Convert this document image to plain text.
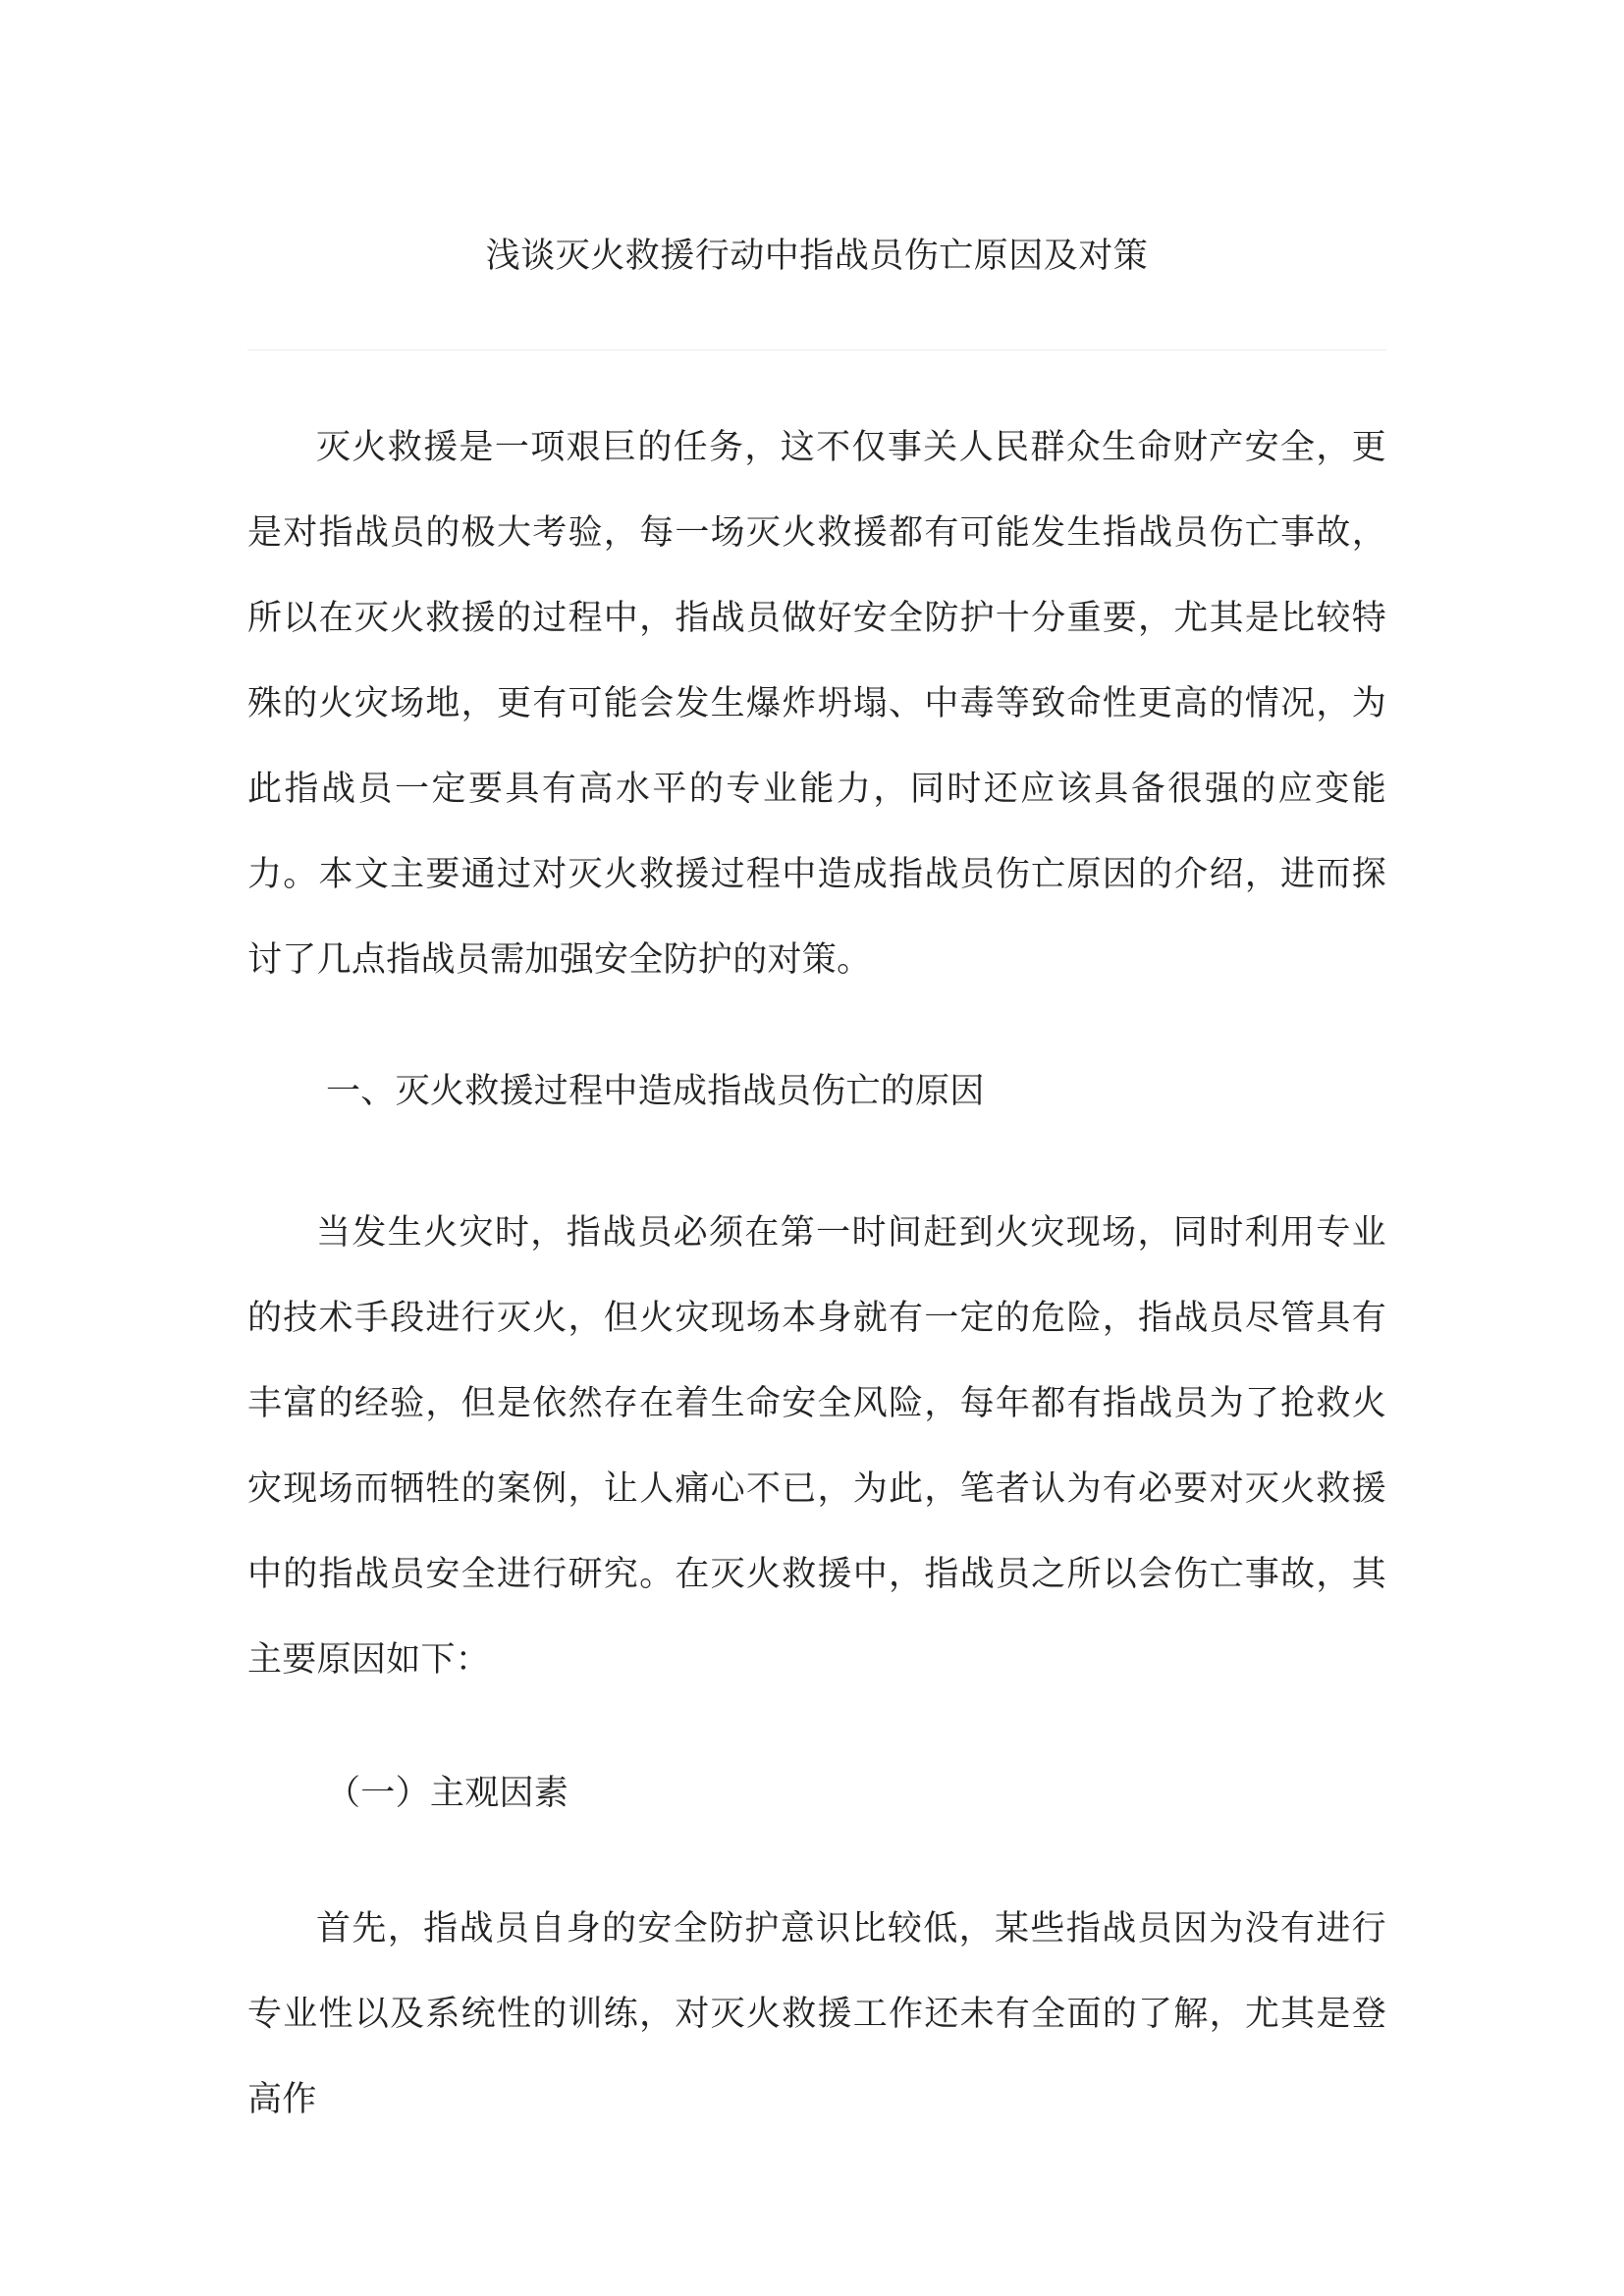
浅谈灭火救援行动中指战员伤亡原因及对策

灭火救援是一项艰巨的任务，这不仅事关人民群众生命财产安全，更是对指战员的极大考验，每一场灭火救援都有可能发生指战员伤亡事故，所以在灭火救援的过程中，指战员做好安全防护十分重要，尤其是比较特殊的火灾场地，更有可能会发生爆炸坍塌、中毒等致命性更高的情况，为此指战员一定要具有高水平的专业能力，同时还应该具备很强的应变能力。本文主要通过对灭火救援过程中造成指战员伤亡原因的介绍，进而探讨了几点指战员需加强安全防护的对策。

一、灭火救援过程中造成指战员伤亡的原因

当发生火灾时，指战员必须在第一时间赶到火灾现场，同时利用专业的技术手段进行灭火，但火灾现场本身就有一定的危险，指战员尽管具有丰富的经验，但是依然存在着生命安全风险，每年都有指战员为了抢救火灾现场而牺牲的案例，让人痛心不已，为此，笔者认为有必要对灭火救援中的指战员安全进行研究。在灭火救援中，指战员之所以会伤亡事故，其主要原因如下：

（一）主观因素

首先，指战员自身的安全防护意识比较低，某些指战员因为没有进行专业性以及系统性的训练，对灭火救援工作还未有全面的了解，尤其是登高作
